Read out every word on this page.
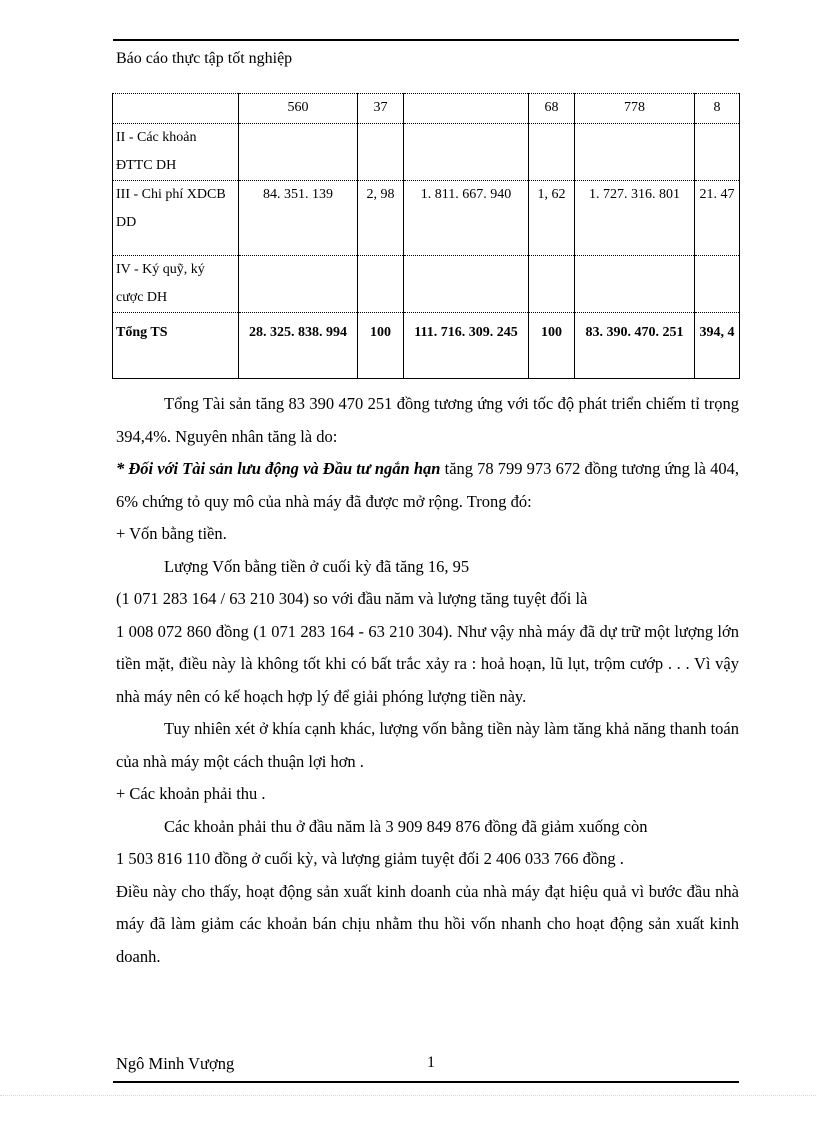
Báo cáo thực tập tốt nghiệp
	560	37		68	778	8
II - Các khoản ĐTTC DH						
III - Chi phí XDCB DD	84. 351. 139	2, 98	1. 811. 667. 940	1, 62	1. 727. 316. 801	21. 47
IV - Ký quỹ, ký cược DH						
Tổng TS	28. 325. 838. 994	100	111. 716. 309. 245	100	83. 390. 470. 251	394, 4

Tổng Tài sản tăng 83 390 470 251 đồng tương ứng với tốc độ phát triển chiếm tỉ trọng 394,4%. Nguyên nhân tăng là do:

* Đối với Tài sản lưu động và Đầu tư ngắn hạn tăng 78 799 973 672 đồng tương ứng là 404, 6% chứng tỏ quy mô của nhà máy đã được mở rộng. Trong đó:

+ Vốn bằng tiền.

Lượng Vốn bằng tiền ở cuối kỳ đã tăng 16, 95

(1 071 283 164 / 63 210 304) so với đầu năm và lượng tăng tuyệt đối là

1 008 072 860 đồng (1 071 283 164 - 63 210 304). Như vậy nhà máy đã dự trữ một lượng lớn tiền mặt, điều này là không tốt khi có bất trắc xảy ra : hoả hoạn, lũ lụt, trộm cướp . . . Vì vậy nhà máy nên có kế hoạch hợp lý để giải phóng lượng tiền này.

Tuy nhiên xét ở khía cạnh khác, lượng vốn bằng tiền này làm tăng khả năng thanh toán của nhà máy một cách thuận lợi hơn .

+ Các khoản phải thu .

Các khoản phải thu ở đầu năm là 3 909 849 876 đồng đã giảm xuống còn

1 503 816 110 đồng ở cuối kỳ, và lượng giảm tuyệt đối 2 406 033 766 đồng .

Điều này cho thấy, hoạt động sản xuất kinh doanh của nhà máy đạt hiệu quả vì bước đầu nhà máy đã làm giảm các khoản bán chịu nhằm thu hồi vốn nhanh cho hoạt động sản xuất kinh doanh.

Ngô Minh Vượng	1
